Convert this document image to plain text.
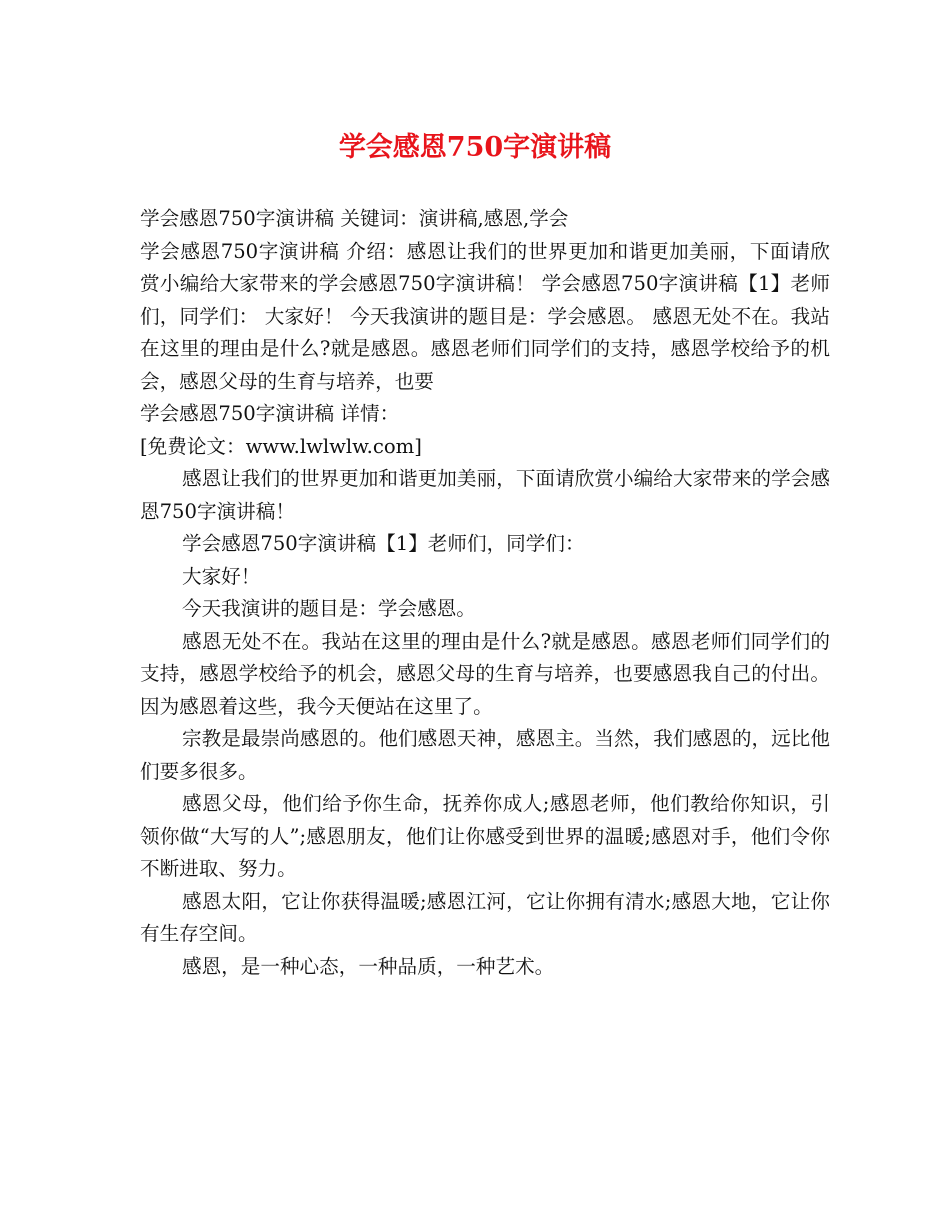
学会感恩750字演讲稿

学会感恩750字演讲稿 关键词：演讲稿,感恩,学会

学会感恩750字演讲稿 介绍：感恩让我们的世界更加和谐更加美丽，下面请欣赏小编给大家带来的学会感恩750字演讲稿！ 学会感恩750字演讲稿【1】老师们，同学们： 大家好！ 今天我演讲的题目是：学会感恩。 感恩无处不在。我站在这里的理由是什么?就是感恩。感恩老师们同学们的支持，感恩学校给予的机会，感恩父母的生育与培养，也要

学会感恩750字演讲稿 详情：

[免费论文：www.lwlwlw.com]

感恩让我们的世界更加和谐更加美丽，下面请欣赏小编给大家带来的学会感恩750字演讲稿！

学会感恩750字演讲稿【1】老师们，同学们：

大家好！

今天我演讲的题目是：学会感恩。

感恩无处不在。我站在这里的理由是什么?就是感恩。感恩老师们同学们的支持，感恩学校给予的机会，感恩父母的生育与培养，也要感恩我自己的付出。因为感恩着这些，我今天便站在这里了。

宗教是最崇尚感恩的。他们感恩天神，感恩主。当然，我们感恩的，远比他们要多很多。

感恩父母，他们给予你生命，抚养你成人;感恩老师，他们教给你知识，引领你做“大写的人”;感恩朋友，他们让你感受到世界的温暖;感恩对手，他们令你不断进取、努力。

感恩太阳，它让你获得温暖;感恩江河，它让你拥有清水;感恩大地，它让你有生存空间。

感恩，是一种心态，一种品质，一种艺术。
